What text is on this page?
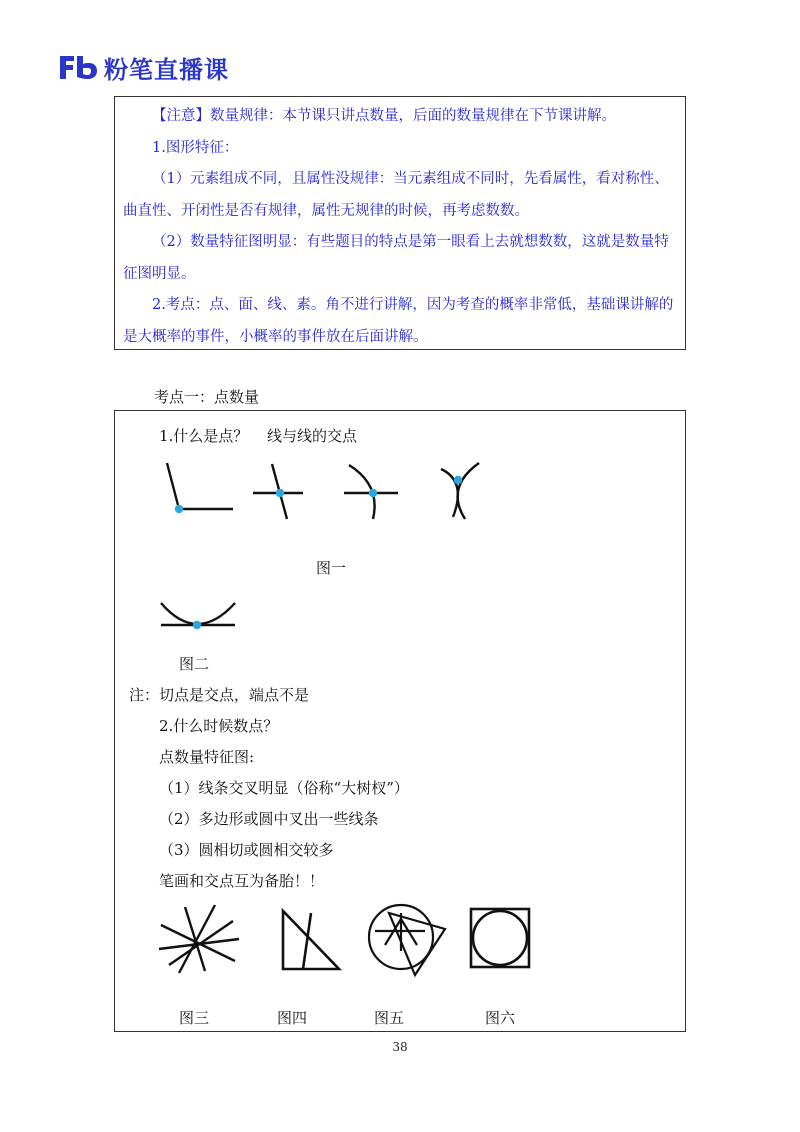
粉笔直播课

【注意】数量规律：本节课只讲点数量，后面的数量规律在下节课讲解。

1.图形特征：

（1）元素组成不同，且属性没规律：当元素组成不同时，先看属性，看对称性、曲直性、开闭性是否有规律，属性无规律的时候，再考虑数数。

（2）数量特征图明显：有些题目的特点是第一眼看上去就想数数，这就是数量特征图明显。

2.考点：点、面、线、素。角不进行讲解，因为考查的概率非常低，基础课讲解的是大概率的事件，小概率的事件放在后面讲解。

考点一：点数量
1.什么是点？ 线与线的交点
图一
图二
注：切点是交点，端点不是
2.什么时候数点？
点数量特征图:
（1）线条交叉明显（俗称“大树杈”）
（2）多边形或圆中叉出一些线条
（3）圆相切或圆相交较多
笔画和交点互为备胎！！
图三	图四	图五	图六
38
